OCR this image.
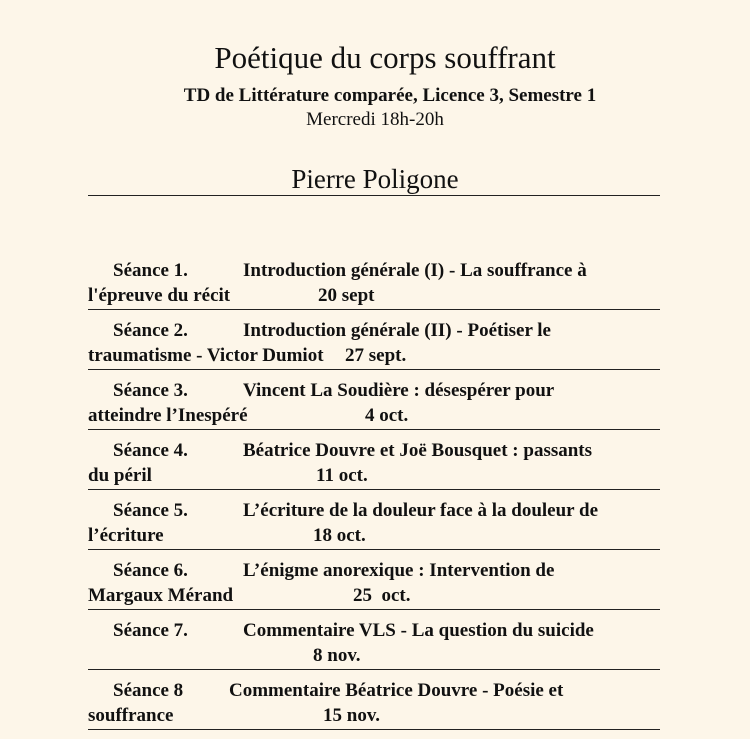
Poétique du corps souffrant
TD de Littérature comparée, Licence 3, Semestre 1
Mercredi 18h-20h
Pierre Poligone
Séance 1.	Introduction générale (I) - La souffrance à
l'épreuve du récit	20 sept
Séance 2.	Introduction générale (II) - Poétiser le
traumatisme - Victor Dumiot 27 sept.
Séance 3.	Vincent La Soudière : désespérer pour
atteindre l’Inespéré	4 oct.
Séance 4.	Béatrice Douvre et Joë Bousquet : passants
du péril	11 oct.
Séance 5.	L’écriture de la douleur face à la douleur de
l’écriture	18 oct.
Séance 6.	L’énigme anorexique : Intervention de
Margaux Mérand	25  oct.
Séance 7.	Commentaire VLS - La question du suicide
8 nov.
Séance 8 Commentaire Béatrice Douvre - Poésie et
souffrance	15 nov.
